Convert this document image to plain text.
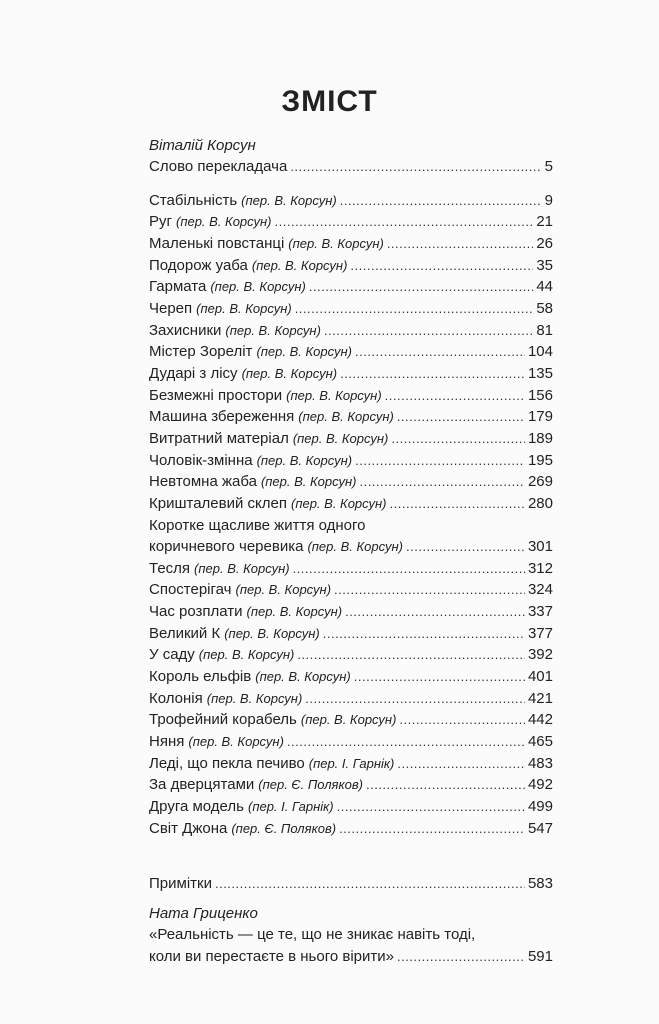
ЗМІСТ
Віталій Корсун
Слово перекладача .....	5
Стабільність (пер. В. Корсун) .....	9
Руг (пер. В. Корсун) .....	21
Маленькі повстанці (пер. В. Корсун) .....	26
Подорож уаба (пер. В. Корсун) .....	35
Гармата (пер. В. Корсун) .....	44
Череп (пер. В. Корсун) .....	58
Захисники (пер. В. Корсун) .....	81
Містер Зореліт (пер. В. Корсун) .....	104
Дударі з лісу (пер. В. Корсун) .....	135
Безмежні простори (пер. В. Корсун) .....	156
Машина збереження (пер. В. Корсун) .....	179
Витратний матеріал (пер. В. Корсун) .....	189
Чоловік-змінна (пер. В. Корсун) .....	195
Невтомна жаба (пер. В. Корсун) .....	269
Кришталевий склеп (пер. В. Корсун) .....	280
Коротке щасливе життя одного
коричневого черевика (пер. В. Корсун) .....	301
Тесля (пер. В. Корсун) .....	312
Спостерігач (пер. В. Корсун) .....	324
Час розплати (пер. В. Корсун) .....	337
Великий К (пер. В. Корсун) .....	377
У саду (пер. В. Корсун) .....	392
Король ельфів (пер. В. Корсун) .....	401
Колонія (пер. В. Корсун) .....	421
Трофейний корабель (пер. В. Корсун) .....	442
Няня (пер. В. Корсун) .....	465
Леді, що пекла печиво (пер. І. Гарнік) .....	483
За дверцятами (пер. Є. Поляков) .....	492
Друга модель (пер. І. Гарнік) .....	499
Світ Джона (пер. Є. Поляков) .....	547
Примітки .....	583
Ната Гриценко
«Реальність — це те, що не зникає навіть тоді,
коли ви перестаєте в нього вірити» .....	591
